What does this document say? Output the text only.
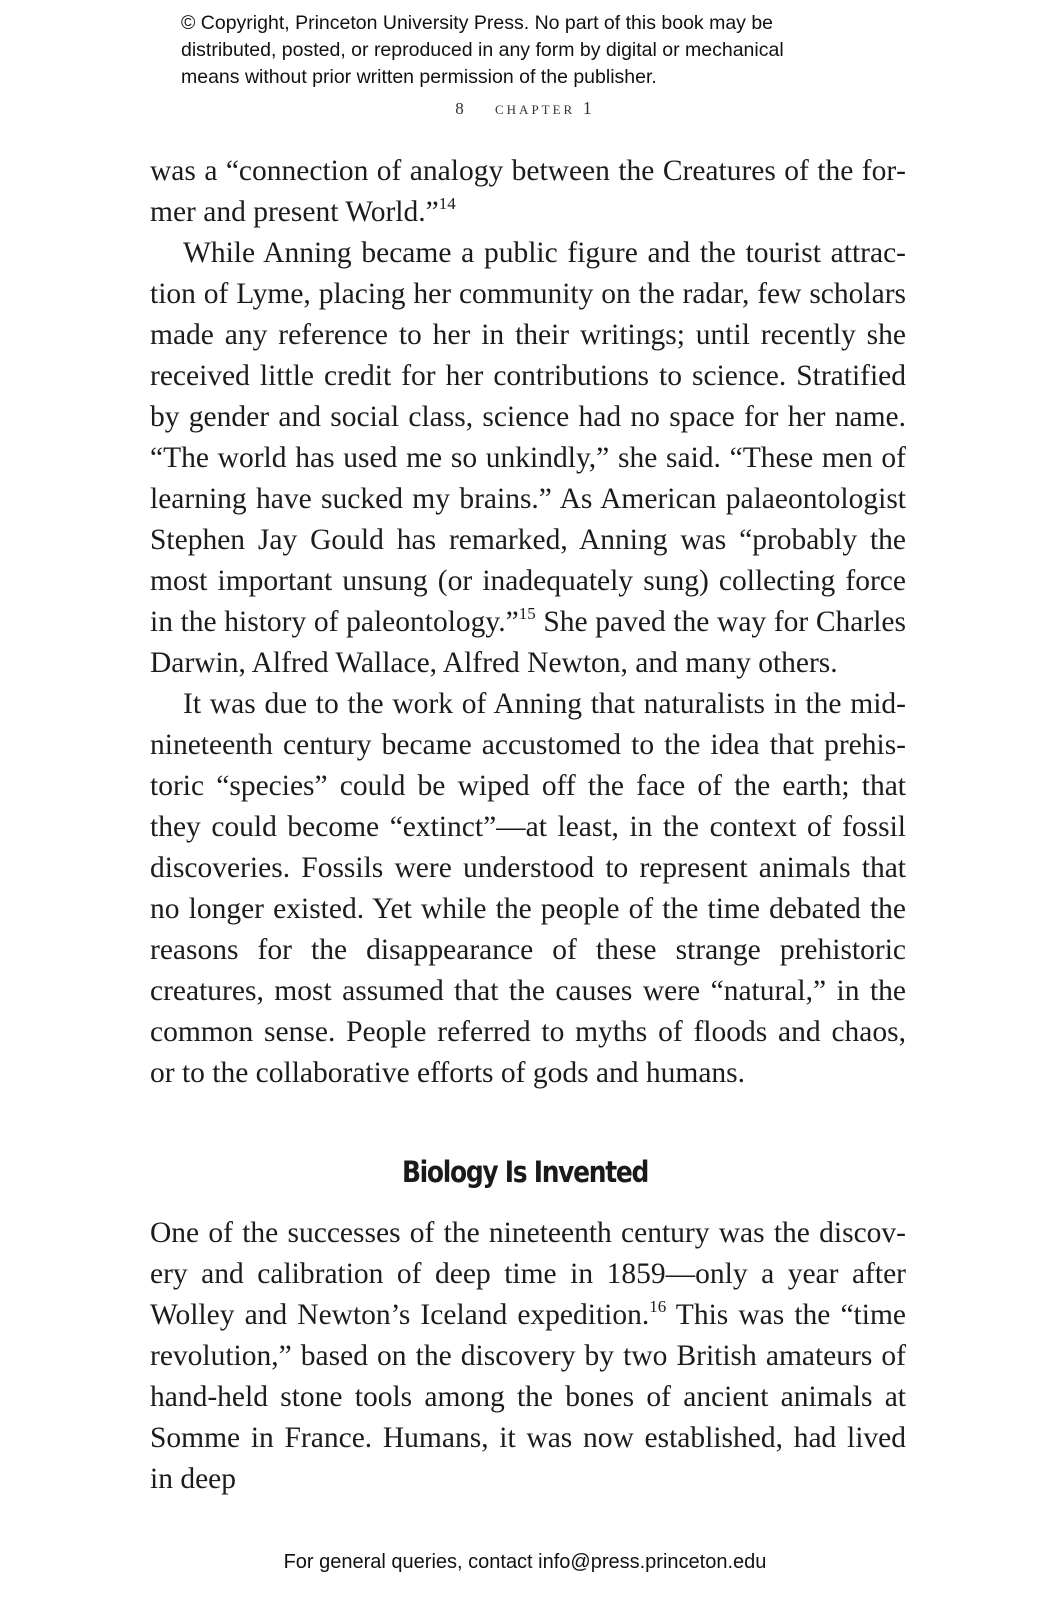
© Copyright, Princeton University Press. No part of this book may be
distributed, posted, or reproduced in any form by digital or mechanical
means without prior written permission of the publisher.
8 chapter 1

was a “connection of analogy between the Creatures of the former and present World.”$^{14}$

While Anning became a public figure and the tourist attraction of Lyme, placing her community on the radar, few scholars made any reference to her in their writings; until recently she received little credit for her contributions to science. Stratified by gender and social class, science had no space for her name. “The world has used me so unkindly,” she said. “These men of learning have sucked my brains.” As American palaeontologist Stephen Jay Gould has remarked, Anning was “probably the most important unsung (or inadequately sung) collecting force in the history of paleontology.”$^{15}$ She paved the way for Charles Darwin, Alfred Wallace, Alfred Newton, and many others.

It was due to the work of Anning that naturalists in the mid-nineteenth century became accustomed to the idea that prehistoric “species” could be wiped off the face of the earth; that they could become “extinct”—at least, in the context of fossil discoveries. Fossils were understood to represent animals that no longer existed. Yet while the people of the time debated the reasons for the disappearance of these strange prehistoric creatures, most assumed that the causes were “natural,” in the common sense. People referred to myths of floods and chaos, or to the collaborative efforts of gods and humans.

Biology Is Invented

One of the successes of the nineteenth century was the discovery and calibration of deep time in 1859—only a year after Wolley and Newton’s Iceland expedition.$^{16}$ This was the “time revolution,” based on the discovery by two British amateurs of hand-held stone tools among the bones of ancient animals at Somme in France. Humans, it was now established, had lived in deep

For general queries, contact info@press.princeton.edu
